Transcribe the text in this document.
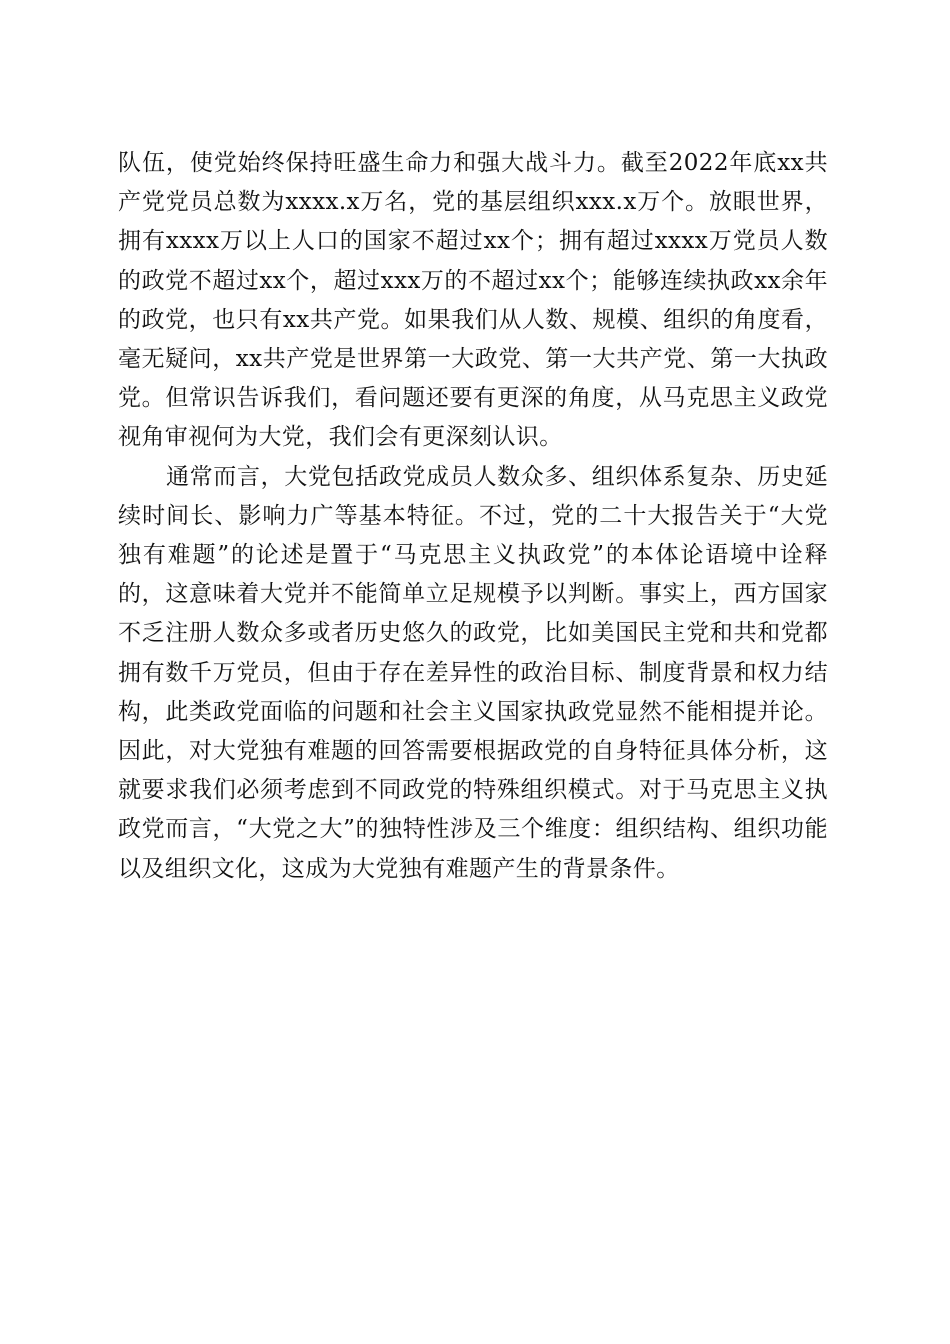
队伍，使党始终保持旺盛生命力和强大战斗力。截至2022年底xx共产党党员总数为xxxx.x万名，党的基层组织xxx.x万个。放眼世界，拥有xxxx万以上人口的国家不超过xx个；拥有超过xxxx万党员人数的政党不超过xx个，超过xxx万的不超过xx个；能够连续执政xx余年的政党，也只有xx共产党。如果我们从人数、规模、组织的角度看，毫无疑问，xx共产党是世界第一大政党、第一大共产党、第一大执政党。但常识告诉我们，看问题还要有更深的角度，从马克思主义政党视角审视何为大党，我们会有更深刻认识。

通常而言，大党包括政党成员人数众多、组织体系复杂、历史延续时间长、影响力广等基本特征。不过，党的二十大报告关于“大党独有难题”的论述是置于“马克思主义执政党”的本体论语境中诠释的，这意味着大党并不能简单立足规模予以判断。事实上，西方国家不乏注册人数众多或者历史悠久的政党，比如美国民主党和共和党都拥有数千万党员，但由于存在差异性的政治目标、制度背景和权力结构，此类政党面临的问题和社会主义国家执政党显然不能相提并论。因此，对大党独有难题的回答需要根据政党的自身特征具体分析，这就要求我们必须考虑到不同政党的特殊组织模式。对于马克思主义执政党而言，“大党之大”的独特性涉及三个维度：组织结构、组织功能以及组织文化，这成为大党独有难题产生的背景条件。
